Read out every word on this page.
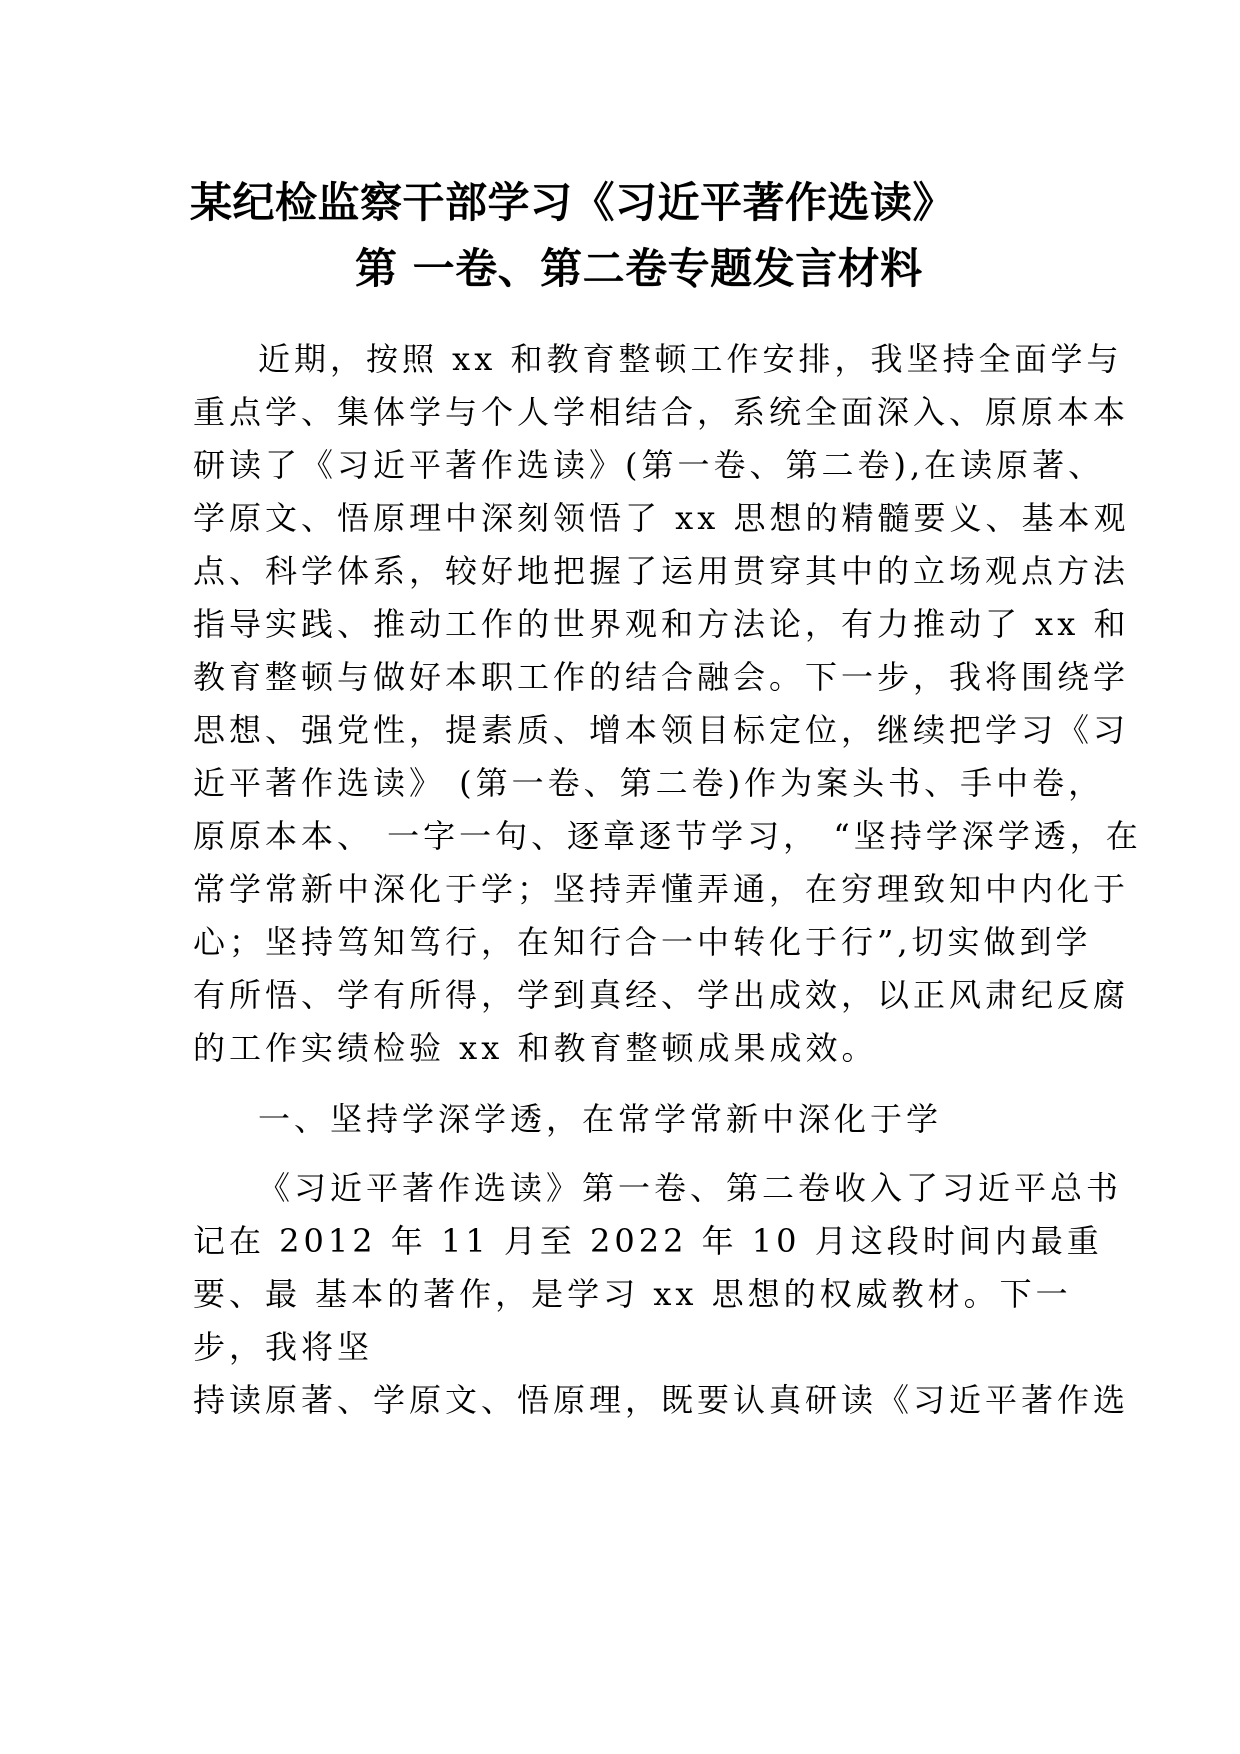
某纪检监察干部学习《习近平著作选读》
第 一卷、第二卷专题发言材料
近期，按照 xx 和教育整顿工作安排，我坚持全面学与
重点学、集体学与个人学相结合，系统全面深入、原原本本
研读了《习近平著作选读》(第一卷、第二卷),在读原著、
学原文、悟原理中深刻领悟了 xx 思想的精髓要义、基本观
点、科学体系，较好地把握了运用贯穿其中的立场观点方法
指导实践、推动工作的世界观和方法论，有力推动了 xx 和
教育整顿与做好本职工作的结合融会。下一步，我将围绕学
思想、强党性，提素质、增本领目标定位，继续把学习《习
近平著作选读》 (第一卷、第二卷)作为案头书、手中卷，
原原本本、 一字一句、逐章逐节学习， “坚持学深学透，在
常学常新中深化于学；坚持弄懂弄通，在穷理致知中内化于
心；坚持笃知笃行，在知行合一中转化于行”,切实做到学
有所悟、学有所得，学到真经、学出成效，以正风肃纪反腐
的工作实绩检验 xx 和教育整顿成果成效。
一、坚持学深学透，在常学常新中深化于学
《习近平著作选读》第一卷、第二卷收入了习近平总书
记在 2012 年 11 月至 2022 年 10 月这段时间内最重
要、最 基本的著作，是学习 xx 思想的权威教材。下一
步，我将坚
持读原著、学原文、悟原理，既要认真研读《习近平著作选
